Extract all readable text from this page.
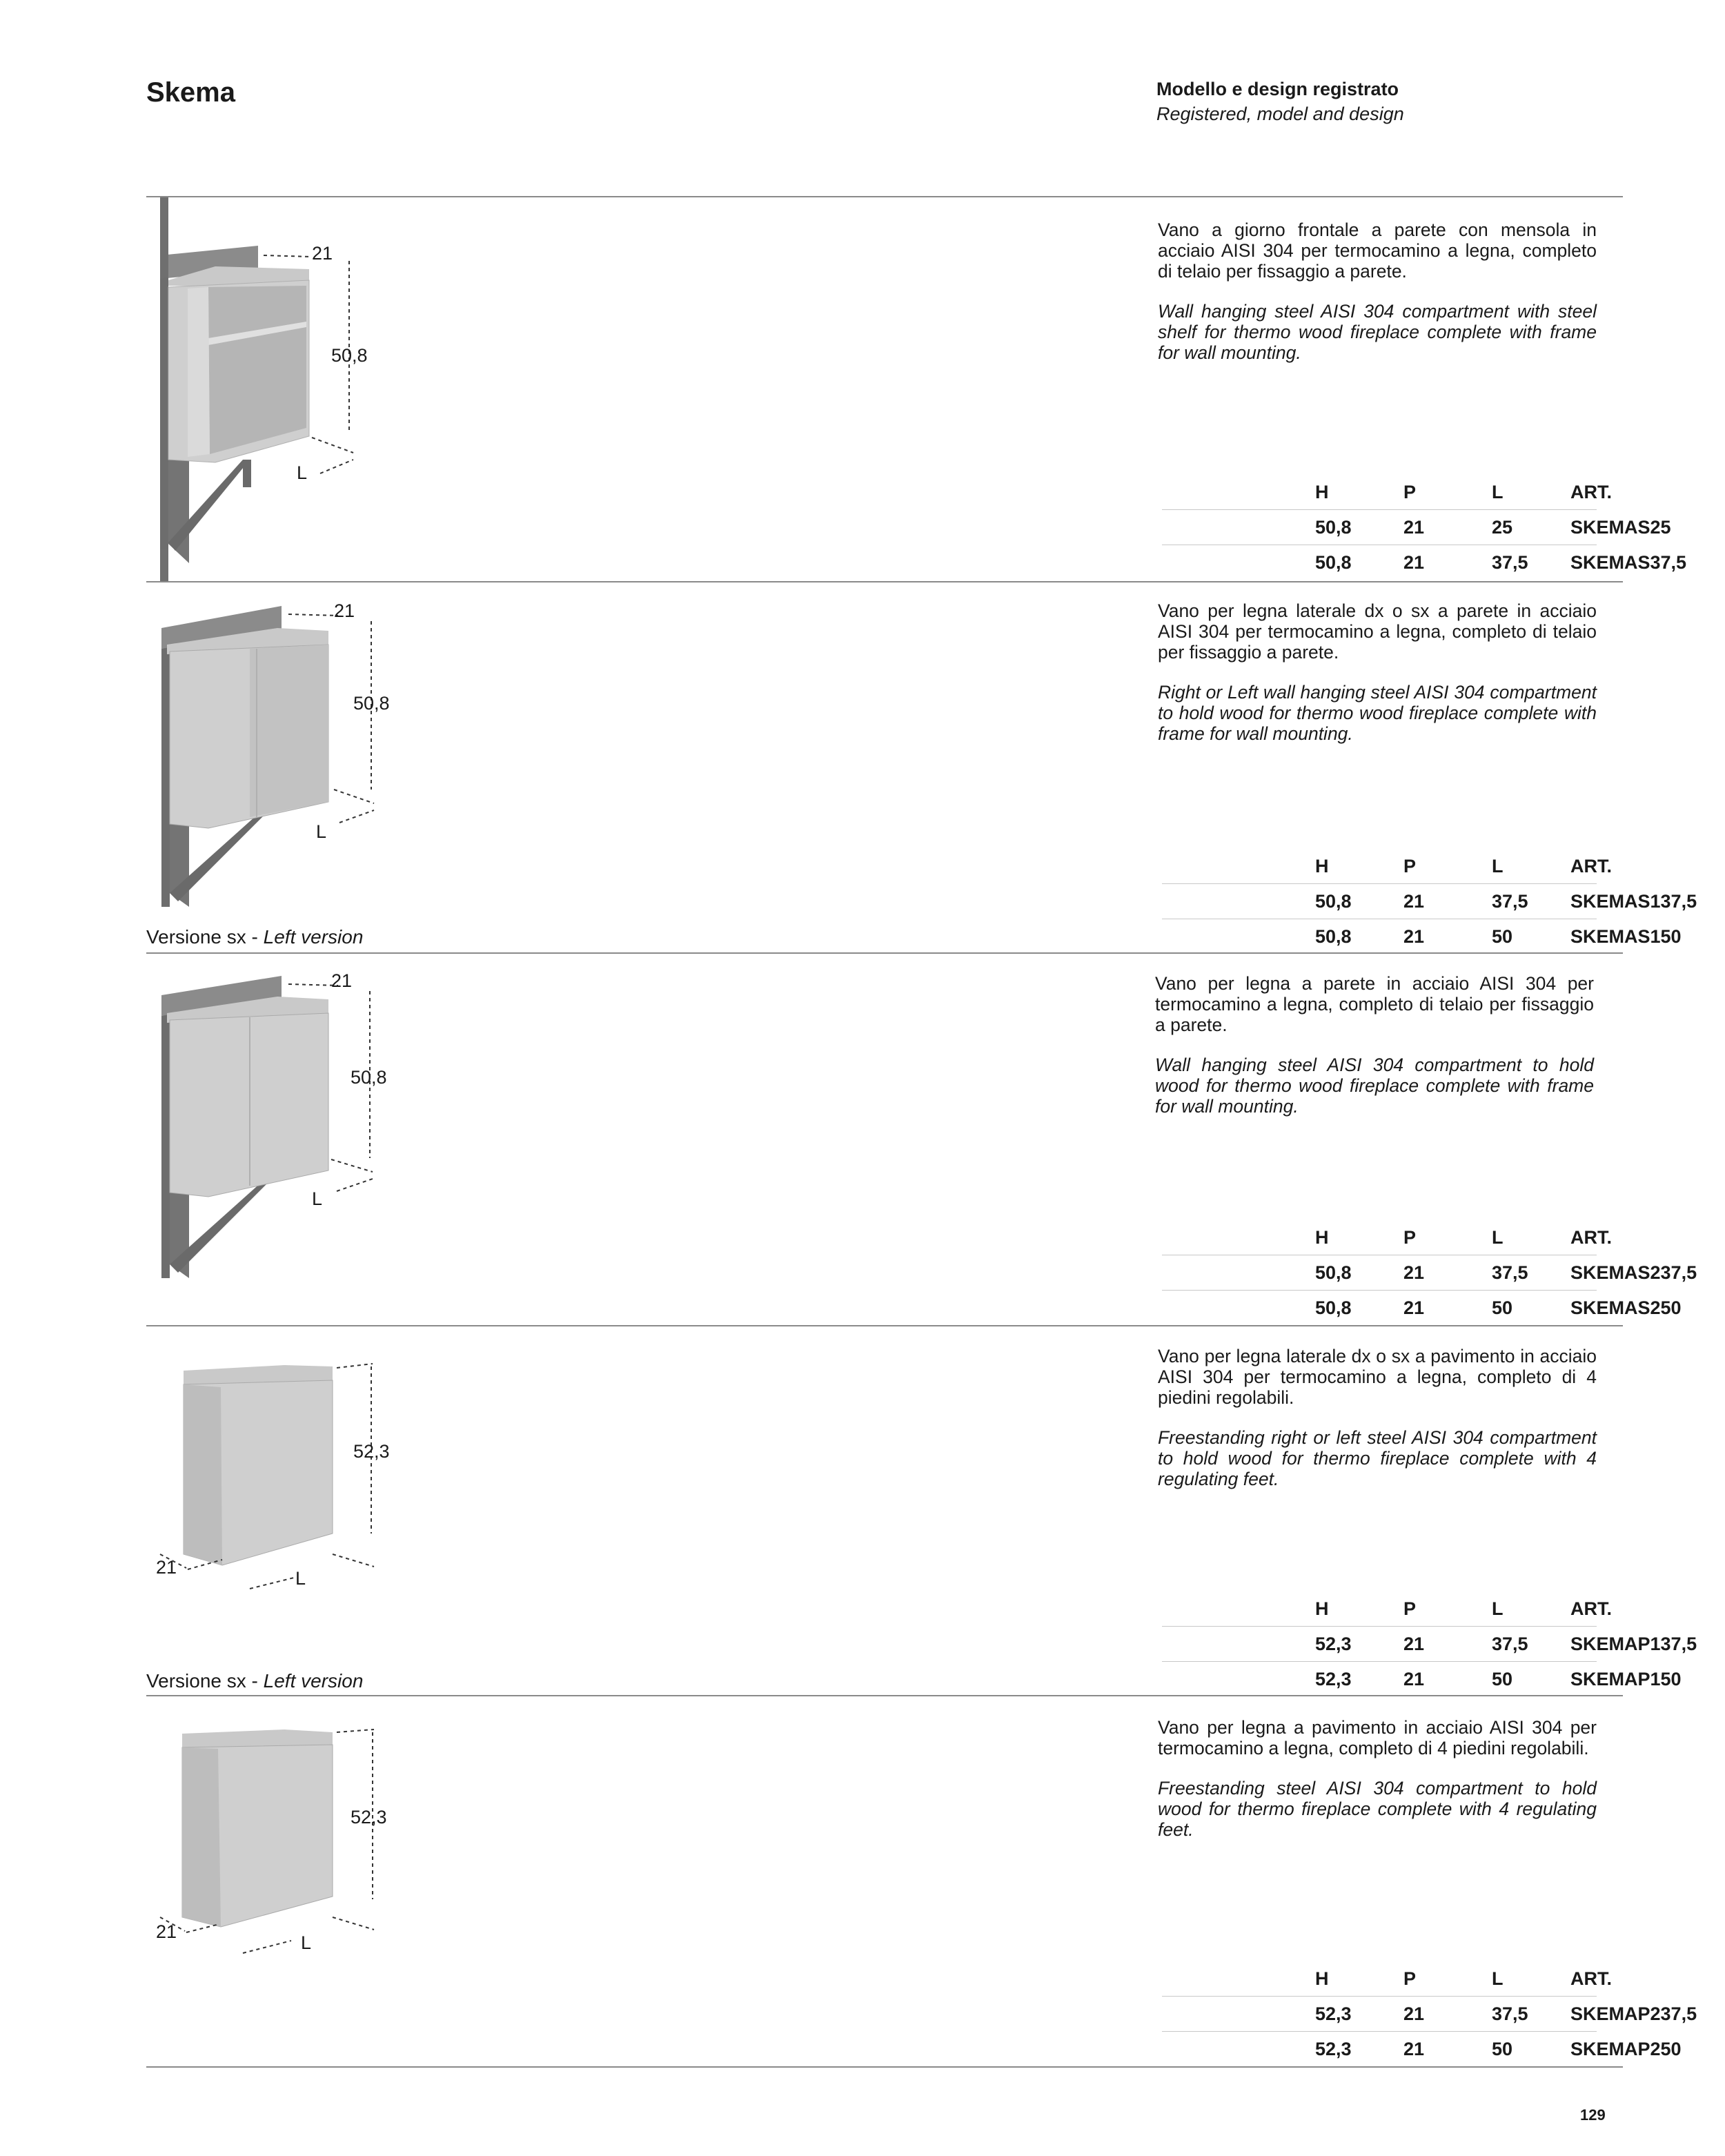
Skema	Modello e design registrato
Registered, model and design
21
50,8
L
Vano a giorno frontale a parete con mensola in acciaio AISI 304 per termocamino a legna, completo di telaio per fissaggio a parete.
Wall hanging steel AISI 304 compartment with steel shelf for thermo wood fireplace complete with frame for wall mounting.
H	P	L	ART.
50,8	21	25	SKEMAS25
50,8	21	37,5 SKEMAS37,5
21
50,8
L
Vano per legna laterale dx o sx a parete in acciaio AISI 304 per termocamino a legna, completo di telaio per fissaggio a parete.
Right or Left wall hanging steel AISI 304 compartment to hold wood for thermo wood fireplace complete with frame for wall mounting.
Versione sx - Left version
H	P	L	ART.
50,8	21	37,5 SKEMAS137,5
50,8	21	50	SKEMAS150
21
50,8
L
Vano per legna a parete in acciaio AISI 304 per termocamino a legna, completo di telaio per fissaggio a parete.
Wall hanging steel AISI 304 compartment to hold wood for thermo wood fireplace complete with frame for wall mounting.
H	P	L	ART.
50,8	21	37,5 SKEMAS237,5
50,8	21	50	SKEMAS250
52,3
21
L
Vano per legna laterale dx o sx a pavimento in acciaio AISI 304 per termocamino a legna, completo di 4 piedini regolabili.
Freestanding right or left steel AISI 304 compartment to hold wood for thermo fireplace complete with 4 regulating feet.
Versione sx - Left version
H	P	L	ART.
52,3	21	37,5 SKEMAP137,5
52,3	21	50	SKEMAP150
52,3
21
L
Vano per legna a pavimento in acciaio AISI 304 per termocamino a legna, completo di 4 piedini regolabili.
Freestanding steel AISI 304 compartment to hold wood for thermo fireplace complete with 4 regulating feet.
H	P	L	ART.
52,3	21	37,5 SKEMAP237,5
52,3	21	50	SKEMAP250
129
